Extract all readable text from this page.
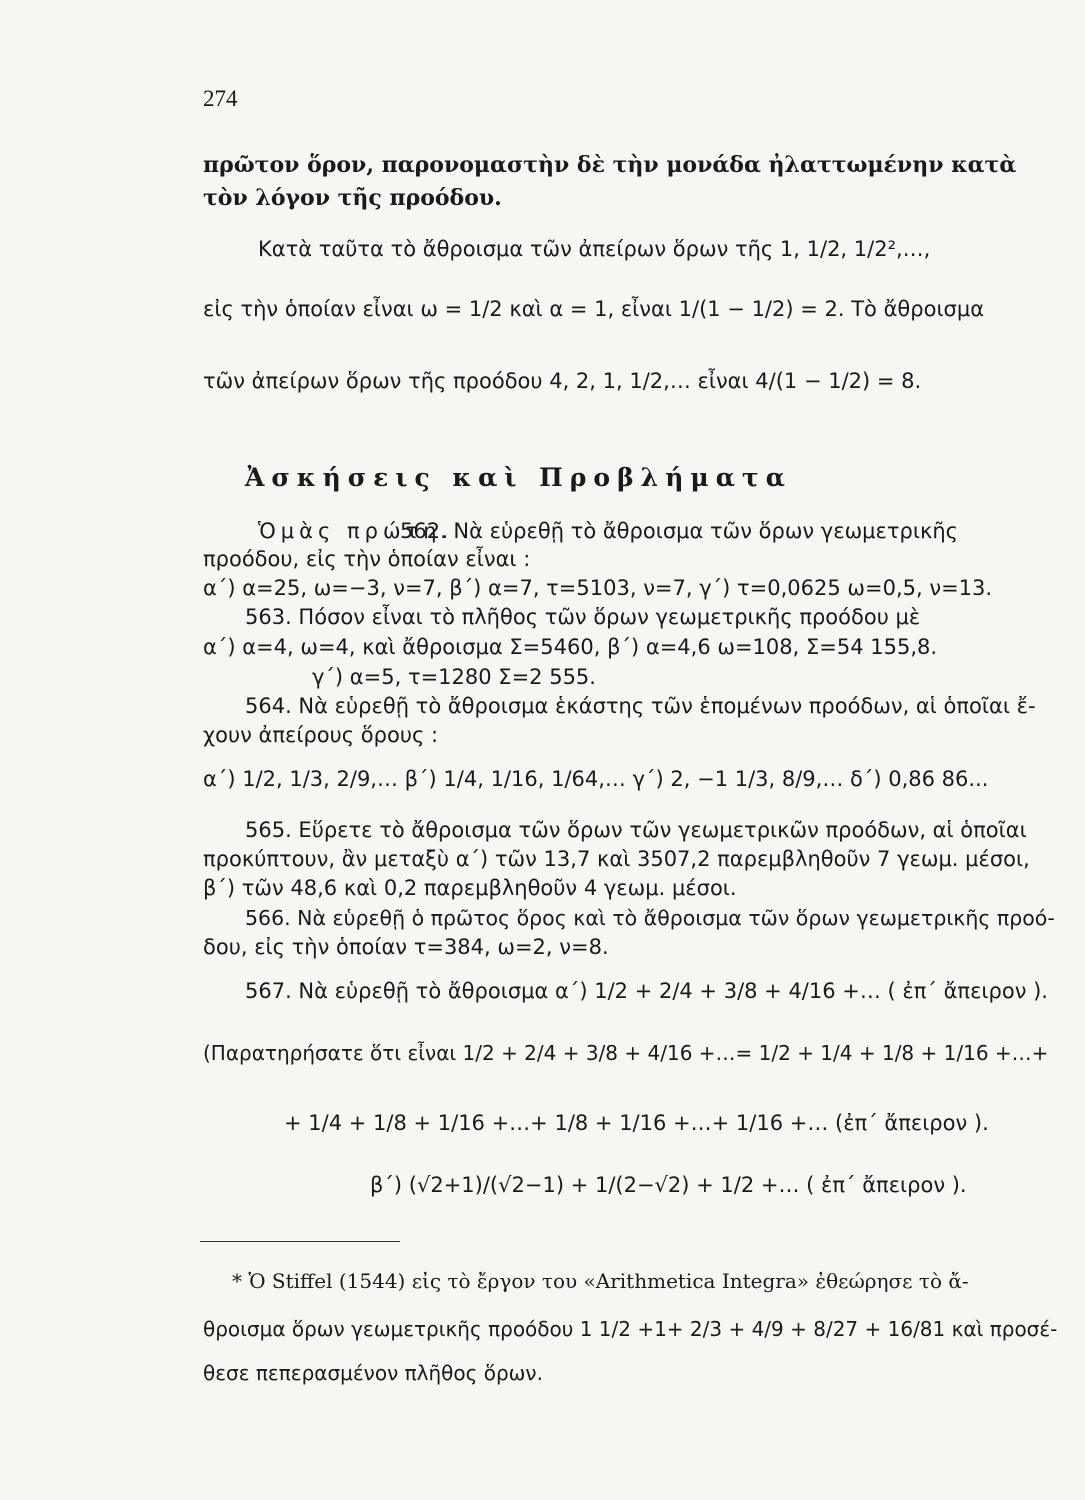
274
πρῶτον ὅρον, παρονομαστὴν δὲ τὴν μονάδα ἠλαττωμένην κατὰ
τὸν λόγον τῆς προόδου.
Κατὰ ταῦτα τὸ ἄθροισμα τῶν ἀπείρων ὅρων τῆς 1, 1/2, 1/2²,…,
εἰς τὴν ὁποίαν εἶναι ω = 1/2 καὶ α = 1, εἶναι 1/(1 − 1/2) = 2. Τὸ ἄθροισμα
τῶν ἀπείρων ὅρων τῆς προόδου 4, 2, 1, 1/2,… εἶναι 4/(1 − 1/2) = 8.
Ἀσκήσεις καὶ Προβλήματα
Ὁμὰς πρώτη.
562. Νὰ εὑρεθῇ τὸ ἄθροισμα τῶν ὅρων γεωμετρικῆς
προόδου, εἰς τὴν ὁποίαν εἶναι :
α΄) α=25, ω=−3, ν=7, β΄) α=7, τ=5103, ν=7, γ΄) τ=0,0625 ω=0,5, ν=13.
563. Πόσον εἶναι τὸ πλῆθος τῶν ὅρων γεωμετρικῆς προόδου μὲ
α΄) α=4, ω=4, καὶ ἄθροισμα Σ=5460, β΄) α=4,6 ω=108, Σ=54 155,8.
γ΄) α=5, τ=1280 Σ=2 555.
564. Νὰ εὑρεθῇ τὸ ἄθροισμα ἑκάστης τῶν ἑπομένων προόδων, αἱ ὁποῖαι ἔ-
χουν ἀπείρους ὅρους :
α΄) 1/2, 1/3, 2/9,… β΄) 1/4, 1/16, 1/64,… γ΄) 2, −1 1/3, 8/9,… δ΄) 0,86 86...
565. Εὕρετε τὸ ἄθροισμα τῶν ὅρων τῶν γεωμετρικῶν προόδων, αἱ ὁποῖαι
προκύπτουν, ἂν μεταξὺ α΄) τῶν 13,7 καὶ 3507,2 παρεμβληθοῦν 7 γεωμ. μέσοι,
β΄) τῶν 48,6 καὶ 0,2 παρεμβληθοῦν 4 γεωμ. μέσοι.
566. Νὰ εὑρεθῇ ὁ πρῶτος ὅρος καὶ τὸ ἄθροισμα τῶν ὅρων γεωμετρικῆς προό-
δου, εἰς τὴν ὁποίαν τ=384, ω=2, ν=8.
567. Νὰ εὑρεθῇ τὸ ἄθροισμα α΄) 1/2 + 2/4 + 3/8 + 4/16 +… ( ἐπ΄ ἄπειρον ).
(Παρατηρήσατε ὅτι εἶναι 1/2 + 2/4 + 3/8 + 4/16 +…= 1/2 + 1/4 + 1/8 + 1/16 +…+
+ 1/4 + 1/8 + 1/16 +…+ 1/8 + 1/16 +…+ 1/16 +… (ἐπ΄ ἄπειρον ).
β΄) (√2+1)/(√2−1) + 1/(2−√2) + 1/2 +… ( ἐπ΄ ἄπειρον ).
* Ὁ Stiffel (1544) εἰς τὸ ἔργον του «Arithmetica Integra» ἐθεώρησε τὸ ἄ-
θροισμα ὅρων γεωμετρικῆς προόδου 1 1/2 +1+ 2/3 + 4/9 + 8/27 + 16/81 καὶ προσέ-
θεσε πεπερασμένον πλῆθος ὅρων.
